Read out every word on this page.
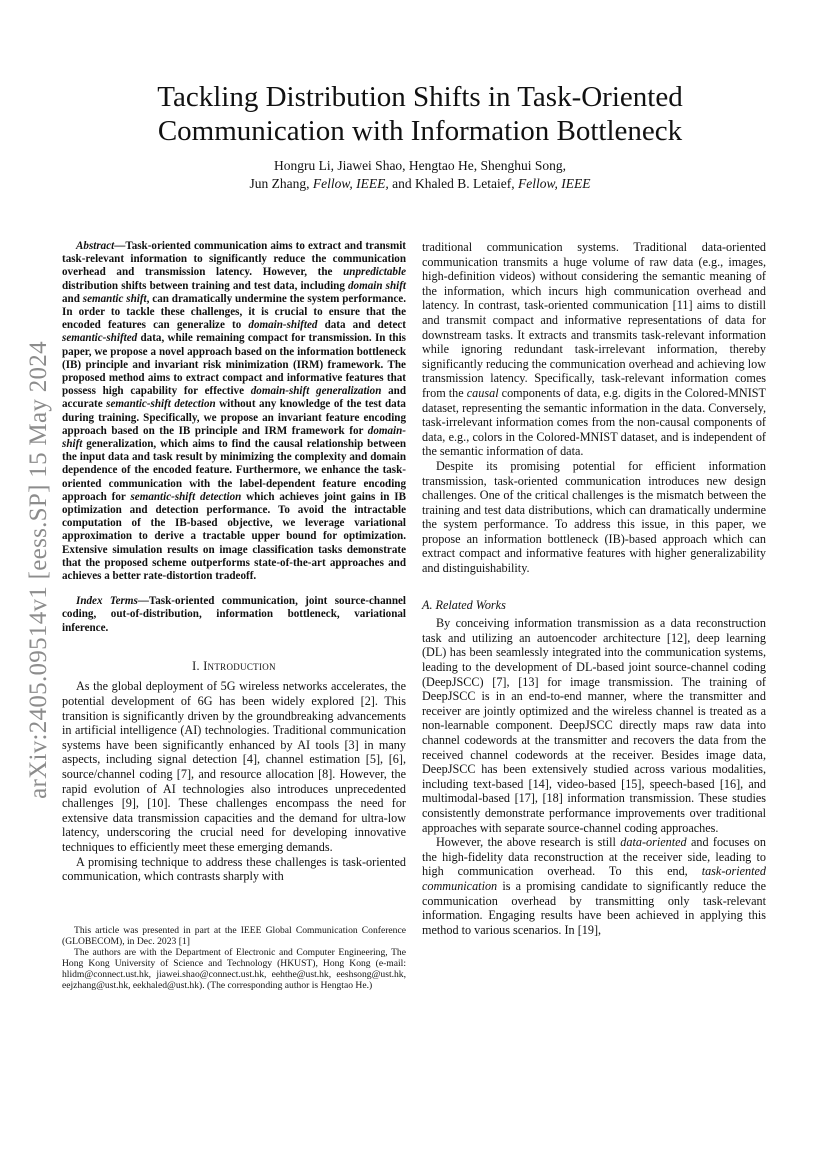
arXiv:2405.09514v1 [eess.SP] 15 May 2024
Tackling Distribution Shifts in Task-Oriented
Communication with Information Bottleneck
Hongru Li, Jiawei Shao, Hengtao He, Shenghui Song,
Jun Zhang, Fellow, IEEE, and Khaled B. Letaief, Fellow, IEEE

Abstract—Task-oriented communication aims to extract and transmit task-relevant information to significantly reduce the communication overhead and transmission latency. However, the unpredictable distribution shifts between training and test data, including domain shift and semantic shift, can dramatically undermine the system performance. In order to tackle these challenges, it is crucial to ensure that the encoded features can generalize to domain-shifted data and detect semantic-shifted data, while remaining compact for transmission. In this paper, we propose a novel approach based on the information bottleneck (IB) principle and invariant risk minimization (IRM) framework. The proposed method aims to extract compact and informative features that possess high capability for effective domain-shift generalization and accurate semantic-shift detection without any knowledge of the test data during training. Specifically, we propose an invariant feature encoding approach based on the IB principle and IRM framework for domain-shift generalization, which aims to find the causal relationship between the input data and task result by minimizing the complexity and domain dependence of the encoded feature. Furthermore, we enhance the task-oriented communication with the label-dependent feature encoding approach for semantic-shift detection which achieves joint gains in IB optimization and detection performance. To avoid the intractable computation of the IB-based objective, we leverage variational approximation to derive a tractable upper bound for optimization. Extensive simulation results on image classification tasks demonstrate that the proposed scheme outperforms state-of-the-art approaches and achieves a better rate-distortion tradeoff.

Index Terms—Task-oriented communication, joint source-channel coding, out-of-distribution, information bottleneck, variational inference.

I. Introduction

As the global deployment of 5G wireless networks accelerates, the potential development of 6G has been widely explored [2]. This transition is significantly driven by the groundbreaking advancements in artificial intelligence (AI) technologies. Traditional communication systems have been significantly enhanced by AI tools [3] in many aspects, including signal detection [4], channel estimation [5], [6], source/channel coding [7], and resource allocation [8]. However, the rapid evolution of AI technologies also introduces unprecedented challenges [9], [10]. These challenges encompass the need for extensive data transmission capacities and the demand for ultra-low latency, underscoring the crucial need for developing innovative techniques to efficiently meet these emerging demands.

A promising technique to address these challenges is task-oriented communication, which contrasts sharply with

This article was presented in part at the IEEE Global Communication Conference (GLOBECOM), in Dec. 2023 [1]

The authors are with the Department of Electronic and Computer Engineering, The Hong Kong University of Science and Technology (HKUST), Hong Kong (e-mail: hlidm@connect.ust.hk, jiawei.shao@connect.ust.hk, eehthe@ust.hk, eeshsong@ust.hk, eejzhang@ust.hk, eekhaled@ust.hk). (The corresponding author is Hengtao He.)

traditional communication systems. Traditional data-oriented communication transmits a huge volume of raw data (e.g., images, high-definition videos) without considering the semantic meaning of the information, which incurs high communication overhead and latency. In contrast, task-oriented communication [11] aims to distill and transmit compact and informative representations of data for downstream tasks. It extracts and transmits task-relevant information while ignoring redundant task-irrelevant information, thereby significantly reducing the communication overhead and achieving low transmission latency. Specifically, task-relevant information comes from the causal components of data, e.g. digits in the Colored-MNIST dataset, representing the semantic information in the data. Conversely, task-irrelevant information comes from the non-causal components of data, e.g., colors in the Colored-MNIST dataset, and is independent of the semantic information of data.

Despite its promising potential for efficient information transmission, task-oriented communication introduces new design challenges. One of the critical challenges is the mismatch between the training and test data distributions, which can dramatically undermine the system performance. To address this issue, in this paper, we propose an information bottleneck (IB)-based approach which can extract compact and informative features with higher generalizability and distinguishability.

A. Related Works

By conceiving information transmission as a data reconstruction task and utilizing an autoencoder architecture [12], deep learning (DL) has been seamlessly integrated into the communication systems, leading to the development of DL-based joint source-channel coding (DeepJSCC) [7], [13] for image transmission. The training of DeepJSCC is in an end-to-end manner, where the transmitter and receiver are jointly optimized and the wireless channel is treated as a non-learnable component. DeepJSCC directly maps raw data into channel codewords at the transmitter and recovers the data from the received channel codewords at the receiver. Besides image data, DeepJSCC has been extensively studied across various modalities, including text-based [14], video-based [15], speech-based [16], and multimodal-based [17], [18] information transmission. These studies consistently demonstrate performance improvements over traditional approaches with separate source-channel coding approaches.

However, the above research is still data-oriented and focuses on the high-fidelity data reconstruction at the receiver side, leading to high communication overhead. To this end, task-oriented communication is a promising candidate to significantly reduce the communication overhead by transmitting only task-relevant information. Engaging results have been achieved in applying this method to various scenarios. In [19],
